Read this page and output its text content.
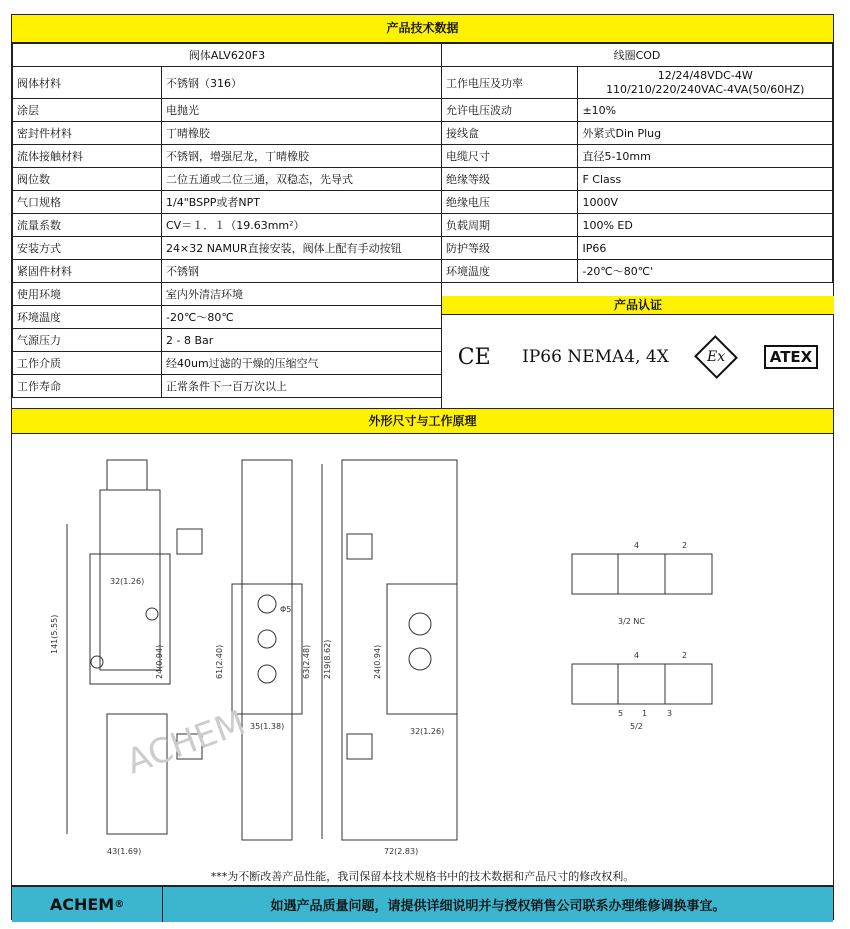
产品技术数据
阀体ALV620F3	
阀体材料	不锈钢（316）
涂层	电抛光
密封件材料	丁晴橡胶
流体接触材料	不锈钢，增强尼龙，丁晴橡胶
阀位数	二位五通或二位三通，双稳态，先导式
气口规格	1/4"BSPP或者NPT
流量系数	CV＝１．１（19.63mm²）
安装方式	24×32 NAMUR直接安装，阀体上配有手动按钮
紧固件材料	不锈钢
使用环境	室内外清洁环境
环境温度	-20℃～80℃
气源压力	2 - 8 Bar
工作介质	经40um过滤的干燥的压缩空气
工作寿命	正常条件下一百万次以上
线圈COD	
工作电压及功率	12/24/48VDC-4W
110/210/220/240VAC-4VA(50/60HZ)

允许电压波动	±10%
接线盒	外紧式Din Plug
电缆尺寸	直径5-10mm
绝缘等级	F Class
绝缘电压	1000V
负载周期	100% ED
防护等级	IP66
环境温度	-20℃～80℃'
产品认证
CE IP66 NEMA4, 4X	Ex	ATEX
外形尺寸与工作原理
32(1.26)
141(5.55)
24(0.94)
43(1.69)
61(2.40)
35(1.38)
63(2.48) 219(8.62)	24(0.94)
32(1.26)
72(2.83)
Φ5
3/2 NC
5/2
4	2
4	2
5 1 3
ACHEM
***为不断改善产品性能，我司保留本技术规格书中的技术数据和产品尺寸的修改权利。
ACHEM ®	如遇产品质量问题，请提供详细说明并与授权销售公司联系办理维修调换事宜。
